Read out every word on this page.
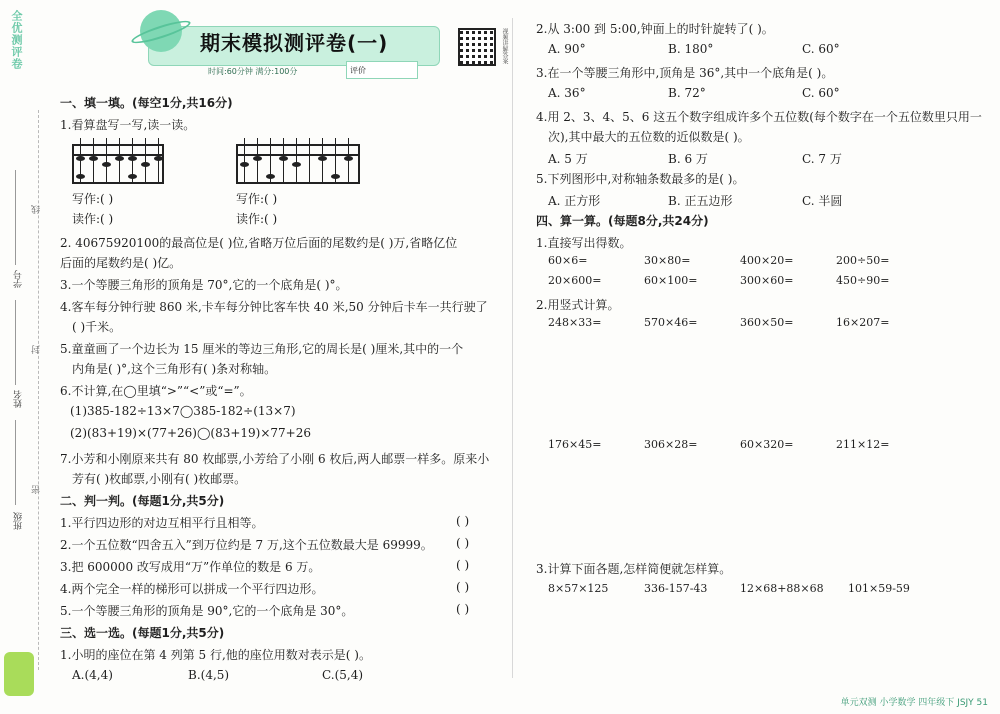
全优测评卷
学号
姓名
班级
线
封
密
期末模拟测评卷(一)
时间:60分钟 满分:100分	评价
视频讲解答案
一、填一填。(每空1分,共16分)
1.看算盘写一写,读一读。
写作:( )
读作:( )
写作:( )
读作:( )
2. 40675920100的最高位是( )位,省略万位后面的尾数约是( )万,省略亿位
后面的尾数约是( )亿。
3.一个等腰三角形的顶角是 70°,它的一个底角是( )°。
4.客车每分钟行驶 860 米,卡车每分钟比客车快 40 米,50 分钟后卡车一共行驶了
( )千米。
5.童童画了一个边长为 15 厘米的等边三角形,它的周长是( )厘米,其中的一个
内角是( )°,这个三角形有( )条对称轴。
6.不计算,在◯里填“>”“<”或“=”。
(1)385-182÷13×7◯385-182÷(13×7)
(2)(83+19)×(77+26)◯(83+19)×77+26
7.小芳和小刚原来共有 80 枚邮票,小芳给了小刚 6 枚后,两人邮票一样多。原来小
芳有( )枚邮票,小刚有( )枚邮票。
二、判一判。(每题1分,共5分)
1.平行四边形的对边互相平行且相等。
2.一个五位数“四舍五入”到万位约是 7 万,这个五位数最大是 69999。
3.把 600000 改写成用“万”作单位的数是 6 万。
4.两个完全一样的梯形可以拼成一个平行四边形。
5.一个等腰三角形的顶角是 90°,它的一个底角是 30°。
( )
( )
( )
( )
( )
三、选一选。(每题1分,共5分)
1.小明的座位在第 4 列第 5 行,他的座位用数对表示是( )。
A.(4,4)	B.(4,5)	C.(5,4)
2.从 3:00 到 5:00,钟面上的时针旋转了( )。
A. 90°	B. 180°	C. 60°
3.在一个等腰三角形中,顶角是 36°,其中一个底角是( )。
A. 36°	B. 72°	C. 60°
4.用 2、3、4、5、6 这五个数字组成许多个五位数(每个数字在一个五位数里只用一
次),其中最大的五位数的近似数是( )。
A. 5 万	B. 6 万	C. 7 万
5.下列图形中,对称轴条数最多的是( )。
A. 正方形	B. 正五边形	C. 半圆
四、算一算。(每题8分,共24分)
1.直接写出得数。
60×6=	30×80=	400×20=	200÷50=
20×600=	60×100=	300×60=	450÷90=
2.用竖式计算。
248×33=	570×46=	360×50=	16×207=
176×45=	306×28=	60×320=	211×12=
3.计算下面各题,怎样简便就怎样算。
8×57×125	336-157-43	12×68+88×68 101×59-59
单元双测 小学数学 四年级下 JSJY 51
